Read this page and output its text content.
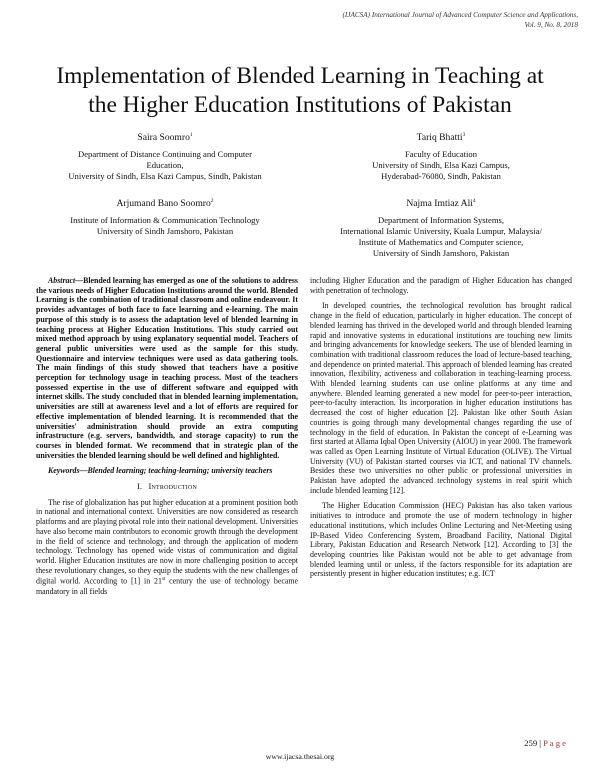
(IJACSA) International Journal of Advanced Computer Science and Applications,
Vol. 9, No. 8, 2018
Implementation of Blended Learning in Teaching at
the Higher Education Institutions of Pakistan
Saira Soomro$^1$
Department of Distance Continuing and Computer
Education,
University of Sindh, Elsa Kazi Campus, Sindh, Pakistan
Tariq Bhatti$^3$
Faculty of Education
University of Sindh, Elsa Kazi Campus,
Hyderabad-76080, Sindh, Pakistan
Arjumand Bano Soomro$^2$
Institute of Information & Communication Technology
University of Sindh Jamshoro, Pakistan
Najma Imtiaz Ali$^4$
Department of Information Systems,
International Islamic University, Kuala Lumpur, Malaysia/
Institute of Mathematics and Computer science,
University of Sindh Jamshoro, Pakistan

Abstract—Blended learning has emerged as one of the solutions to address the various needs of Higher Education Institutions around the world. Blended Learning is the combination of traditional classroom and online endeavour. It provides advantages of both face to face learning and e-learning. The main purpose of this study is to assess the adaptation level of blended learning in teaching process at Higher Education Institutions. This study carried out mixed method approach by using explanatory sequential model. Teachers of general public universities were used as the sample for this study. Questionnaire and interview techniques were used as data gathering tools. The main findings of this study showed that teachers have a positive perception for technology usage in teaching process. Most of the teachers possessed expertise in the use of different software and equipped with internet skills. The study concluded that in blended learning implementation, universities are still at awareness level and a lot of efforts are required for effective implementation of blended learning. It is recommended that the universities' administration should provide an extra computing infrastructure (e.g. servers, bandwidth, and storage capacity) to run the courses in blended format. We recommend that in strategic plan of the universities the blended learning should be well defined and highlighted.

Keywords—Blended learning; teaching-learning; university teachers

I. Introduction

The rise of globalization has put higher education at a prominent position both in national and international context. Universities are now considered as research platforms and are playing pivotal role into their national development. Universities have also become main contributors to economic growth through the development in the field of science and technology, and through the application of modern technology. Technology has opened wide vistas of communication and digital world. Higher Education institutes are now in more challenging position to accept these revolutionary changes, so they equip the students with the new challenges of digital world. According to [1] in 21st century the use of technology became mandatory in all fields

including Higher Education and the paradigm of Higher Education has changed with penetration of technology.

In developed countries, the technological revolution has brought radical change in the field of education, particularly in higher education. The concept of blended learning has thrived in the developed world and through blended learning rapid and innovative systems in educational institutions are touching new limits and bringing advancements for knowledge seekers. The use of blended learning in combination with traditional classroom reduces the load of lecture-based teaching, and dependence on printed material. This approach of blended learning has created innovation, flexibility, activeness and collaboration in teaching-learning process. With blended learning students can use online platforms at any time and anywhere. Blended learning generated a new model for peer-to-peer interaction, peer-to-faculty interaction. Its incorporation in higher education institutions has decreased the cost of higher education [2]. Pakistan like other South Asian countries is going through many developmental changes regarding the use of technology in the field of education. In Pakistan the concept of e-Learning was first started at Allama Iqbal Open University (AIOU) in year 2000. The framework was called as Open Learning Institute of Virtual Education (OLIVE). The Virtual University (VU) of Pakistan started courses via ICT, and national TV channels. Besides these two universities no other public or professional universities in Pakistan have adopted the advanced technology systems in real spirit which include blended learning [12].

The Higher Education Commission (HEC) Pakistan has also taken various initiatives to introduce and promote the use of modern technology in higher educational institutions, which includes Online Lecturing and Net-Meeting using IP-Based Video Conferencing System, Broadband Facility, National Digital Library, Pakistan Education and Research Network [12]. According to [3] the developing countries like Pakistan would not be able to get advantage from blended learning until or unless, if the factors responsible for its adaptation are persistently present in higher education institutes; e.g. ICT

259 | P a g e
www.ijacsa.thesai.org
